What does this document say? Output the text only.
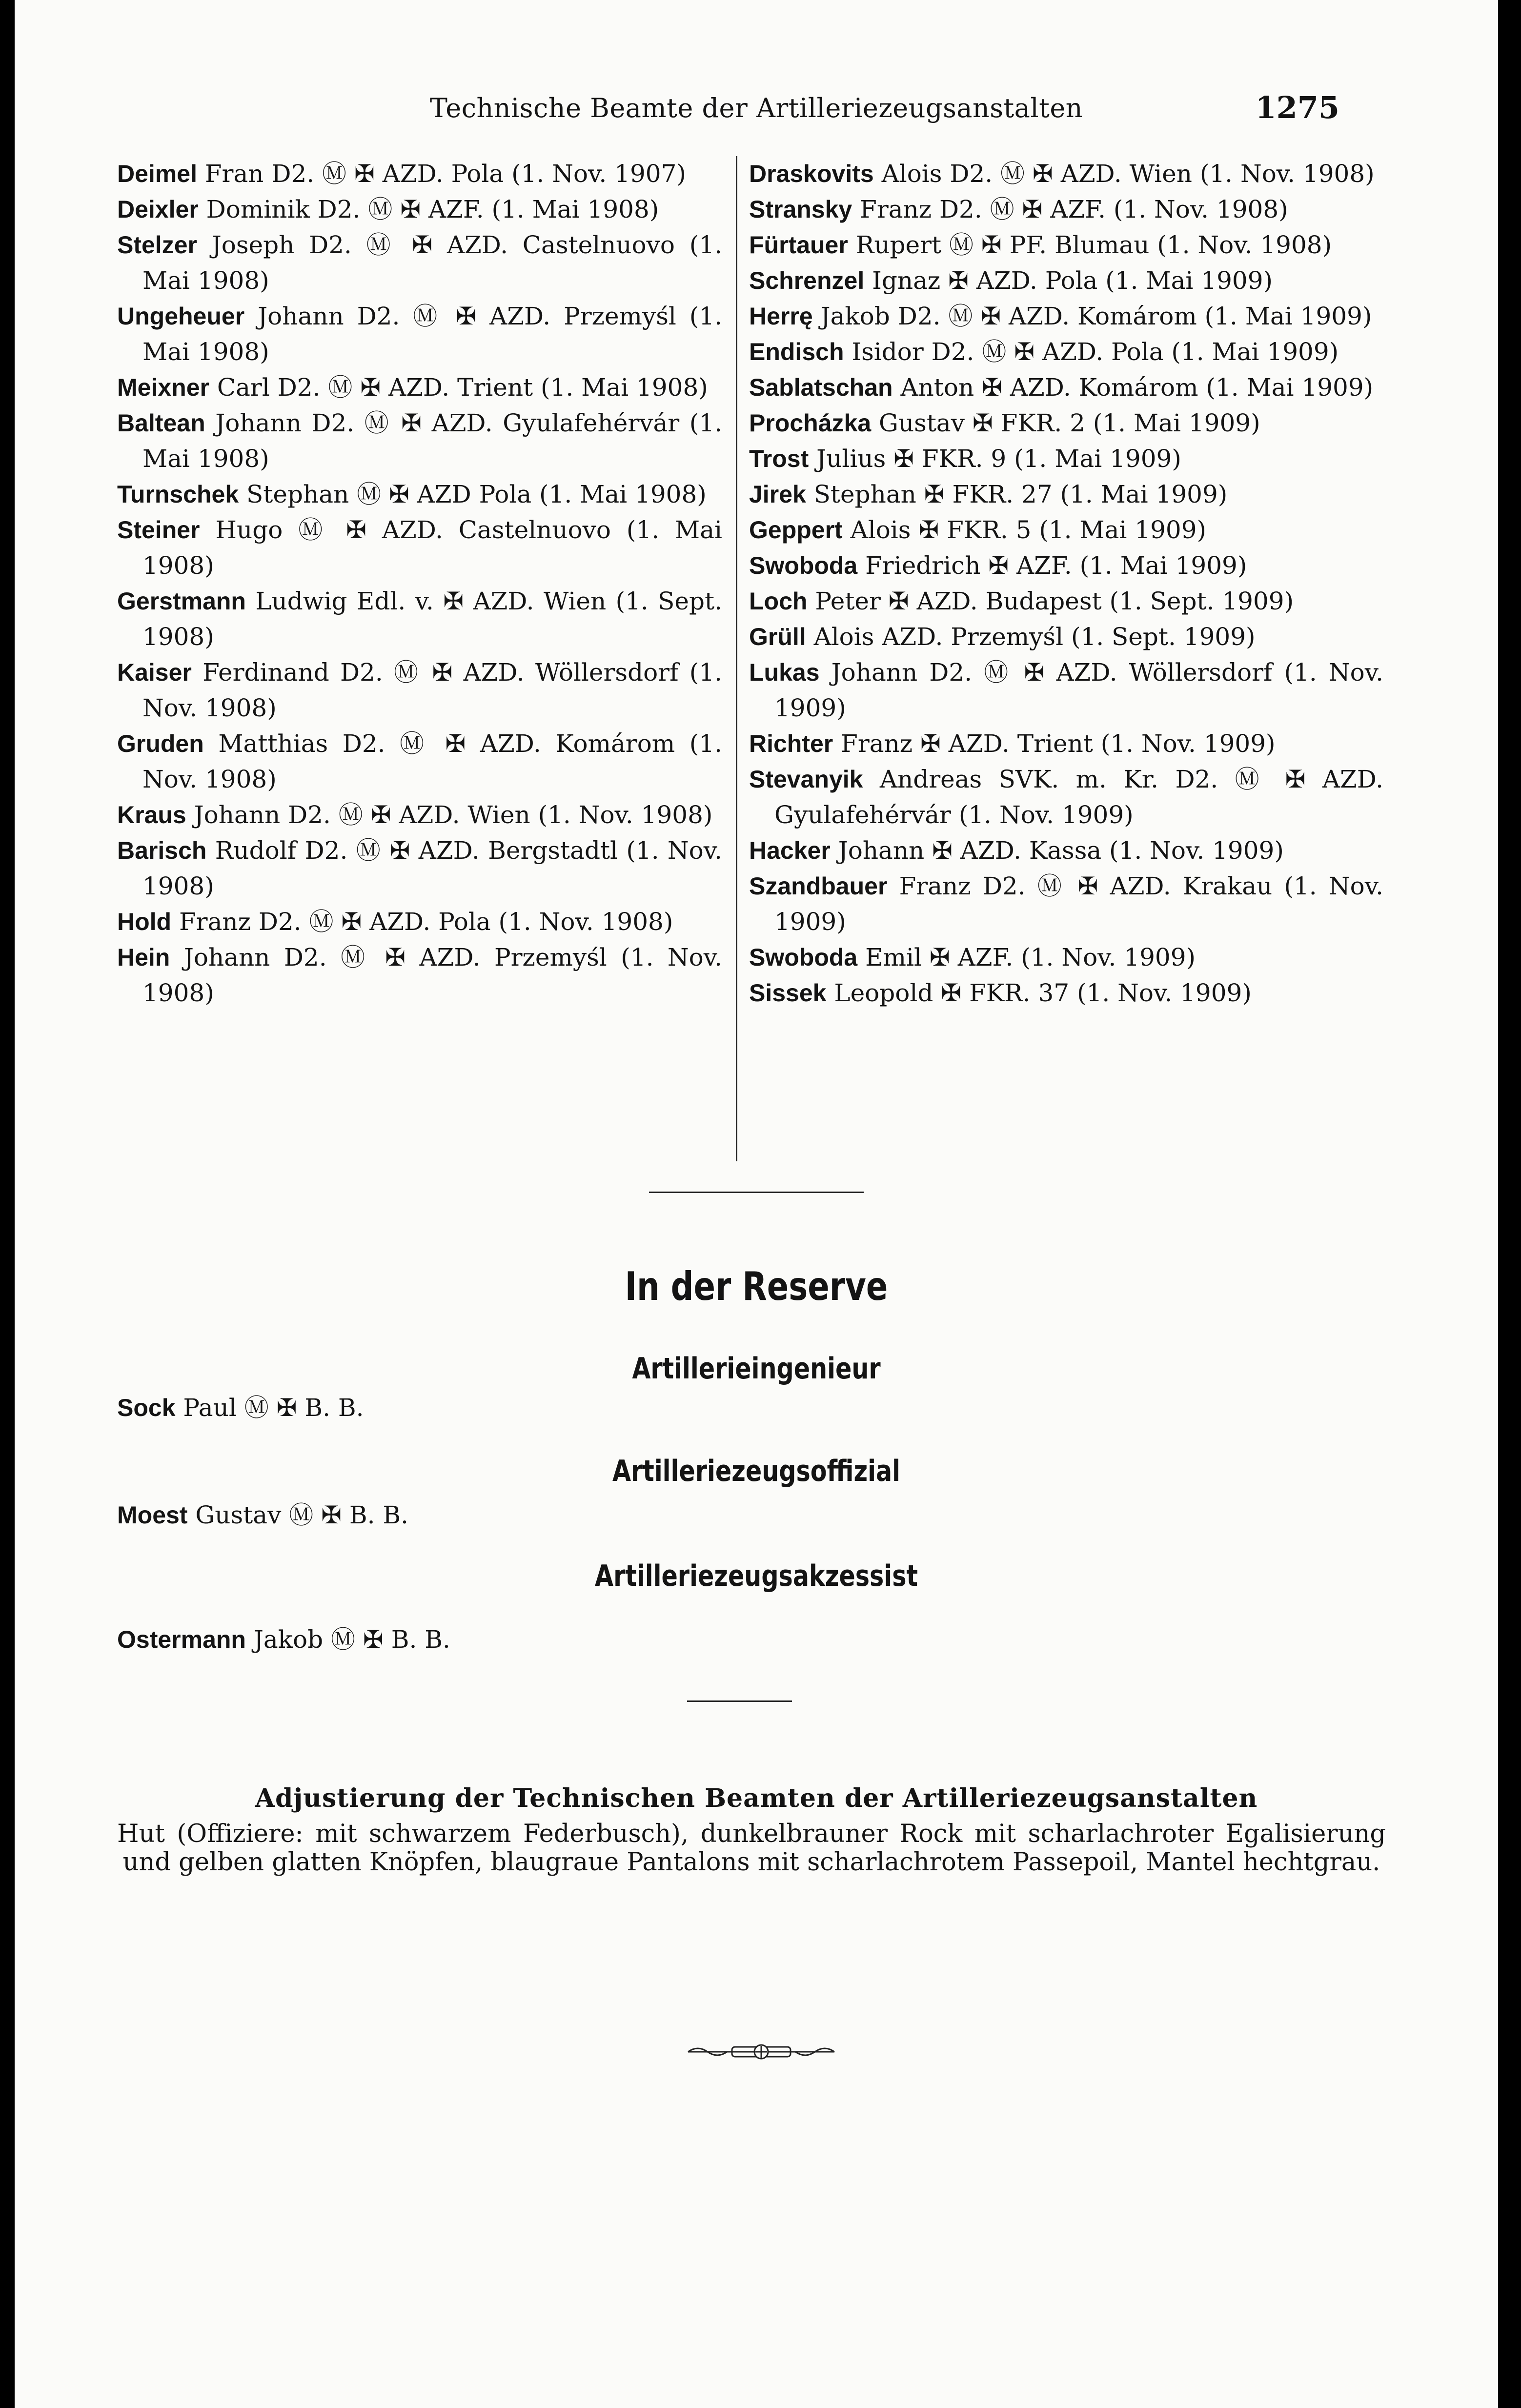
Technische Beamte der Artilleriezeugsanstalten	1275
Deimel Fran D2. Ⓜ ✠ AZD. Pola (1. Nov. 1907)
Deixler Dominik D2. Ⓜ ✠ AZF. (1. Mai 1908)
Stelzer Joseph D2. Ⓜ ✠ AZD. Castelnuovo (1. Mai 1908)
Ungeheuer Johann D2. Ⓜ ✠ AZD. Przemyśl (1. Mai 1908)
Meixner Carl D2. Ⓜ ✠ AZD. Trient (1. Mai 1908)
Baltean Johann D2. Ⓜ ✠ AZD. Gyulafehérvár (1. Mai 1908)
Turnschek Stephan Ⓜ ✠ AZD Pola (1. Mai 1908)
Steiner Hugo Ⓜ ✠ AZD. Castelnuovo (1. Mai 1908)
Gerstmann Ludwig Edl. v. ✠ AZD. Wien (1. Sept. 1908)
Kaiser Ferdinand D2. Ⓜ ✠ AZD. Wöllersdorf (1. Nov. 1908)
Gruden Matthias D2. Ⓜ ✠ AZD. Komárom (1. Nov. 1908)
Kraus Johann D2. Ⓜ ✠ AZD. Wien (1. Nov. 1908)
Barisch Rudolf D2. Ⓜ ✠ AZD. Bergstadtl (1. Nov. 1908)
Hold Franz D2. Ⓜ ✠ AZD. Pola (1. Nov. 1908)
Hein Johann D2. Ⓜ ✠ AZD. Przemyśl (1. Nov. 1908)
Draskovits Alois D2. Ⓜ ✠ AZD. Wien (1. Nov. 1908)
Stransky Franz D2. Ⓜ ✠ AZF. (1. Nov. 1908)
Fürtauer Rupert Ⓜ ✠ PF. Blumau (1. Nov. 1908)
Schrenzel Ignaz ✠ AZD. Pola (1. Mai 1909)
Herrę Jakob D2. Ⓜ ✠ AZD. Komárom (1. Mai 1909)
Endisch Isidor D2. Ⓜ ✠ AZD. Pola (1. Mai 1909)
Sablatschan Anton ✠ AZD. Komárom (1. Mai 1909)
Procházka Gustav ✠ FKR. 2 (1. Mai 1909)
Trost Julius ✠ FKR. 9 (1. Mai 1909)
Jirek Stephan ✠ FKR. 27 (1. Mai 1909)
Geppert Alois ✠ FKR. 5 (1. Mai 1909)
Swoboda Friedrich ✠ AZF. (1. Mai 1909)
Loch Peter ✠ AZD. Budapest (1. Sept. 1909)
Grüll Alois AZD. Przemyśl (1. Sept. 1909)
Lukas Johann D2. Ⓜ ✠ AZD. Wöllersdorf (1. Nov. 1909)
Richter Franz ✠ AZD. Trient (1. Nov. 1909)
Stevanyik Andreas SVK. m. Kr. D2. Ⓜ ✠ AZD. Gyulafehérvár (1. Nov. 1909)
Hacker Johann ✠ AZD. Kassa (1. Nov. 1909)
Szandbauer Franz D2. Ⓜ ✠ AZD. Krakau (1. Nov. 1909)
Swoboda Emil ✠ AZF. (1. Nov. 1909)
Sissek Leopold ✠ FKR. 37 (1. Nov. 1909)
In der Reserve
Artillerieingenieur
Sock Paul Ⓜ ✠ B. B.
Artilleriezeugsoffizial
Moest Gustav Ⓜ ✠ B. B.
Artilleriezeugsakzessist
Ostermann Jakob Ⓜ ✠ B. B.
Adjustierung der Technischen Beamten der Artilleriezeugsanstalten
Hut (Offiziere: mit schwarzem Federbusch), dunkelbrauner Rock mit scharlachroter Egalisierung und gelben glatten Knöpfen, blaugraue Pantalons mit scharlachrotem Passepoil, Mantel hechtgrau.
